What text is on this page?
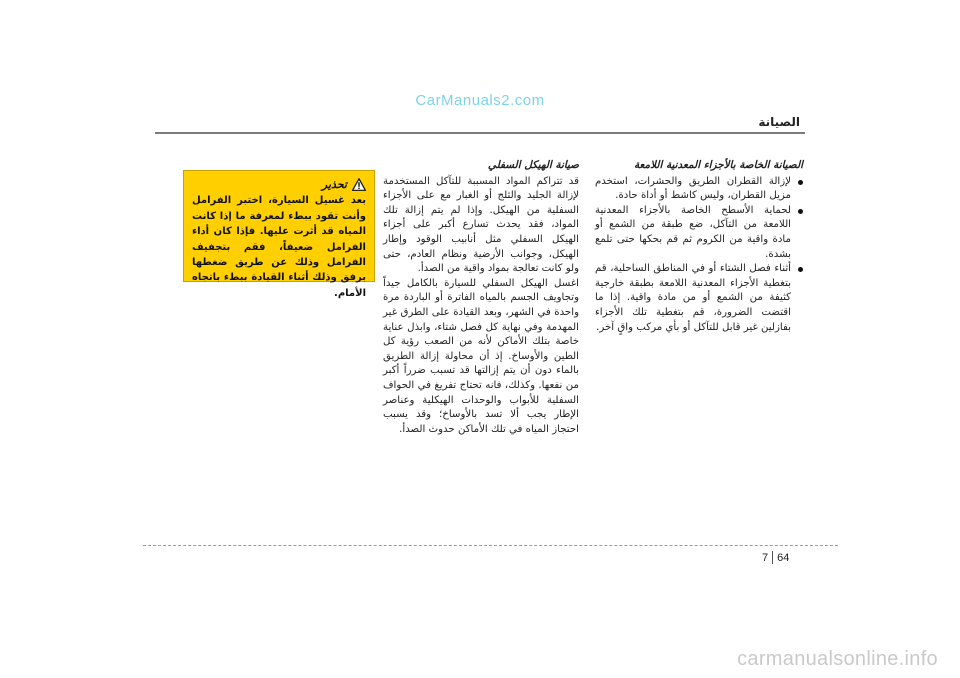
CarManuals2.com
الصيانة
الصيانة الخاصة بالأجزاء المعدنية اللامعة
لإزالة القطران الطريق والحشرات، استخدم مزيل القطران، وليس كاشط أو أداة حادة.
لحماية الأسطح الخاصة بالأجزاء المعدنية اللامعة من التآكل، ضع طبقة من الشمع أو مادة واقية من الكروم ثم قم بحكها حتى تلمع بشدة.
أثناء فصل الشتاء أو في المناطق الساحلية، قم بتغطية الأجزاء المعدنية اللامعة بطبقة خارجية كثيفة من الشمع أو من مادة واقية. إذا ما اقتضت الضرورة، قم بتغطية تلك الأجزاء بفازلين غير قابل للتآكل أو بأي مركب واقٍ آخر.
صيانة الهيكل السفلي

قد تتراكم المواد المسببة للتآكل المستخدمة لإزالة الجليد والثلج أو الغبار مع على الأجزاء السفلية من الهيكل. وإذا لم يتم إزالة تلك المواد، فقد يحدث تسارع أكبر على أجزاء الهيكل السفلي مثل أنابيب الوقود وإطار الهيكل، وجوانب الأرضية ونظام العادم، حتى ولو كانت تعالجة بمواد واقية من الصدأ.

اغسل الهيكل السفلي للسيارة بالكامل جيداً وتجاويف الجسم بالمياه الفاترة أو الباردة مرة واحدة في الشهر، وبعد القيادة على الطرق غير المهدمة وفي نهاية كل فصل شتاء، وابذل عناية خاصة بتلك الأماكن لأنه من الصعب رؤية كل الطين والأوساخ. إذ أن محاولة إزالة الطريق بالماء دون أن يتم إزالتها قد تسبب ضرراً أكبر من نفعها. وكذلك، فانه تحتاج تفريغ في الحواف السفلية للأبواب والوحدات الهيكلية وعناصر الإطار يجب ألا تسد بالأوساخ؛ وقد يسبب احتجاز المياه في تلك الأماكن حدوث الصدأ.

تحذير
بعد غسيل السيارة، اختبر الفرامل وأنت تقود ببطء لمعرفة ما إذا كانت المياه قد أثرت عليها. فإذا كان أداء الفرامل ضعيفاً، فقم بتجفيف الفرامل وذلك عن طريق ضغطها برفق وذلك أثناء القيادة ببطء باتجاه الأمام.
7 64
carmanualsonline.info
